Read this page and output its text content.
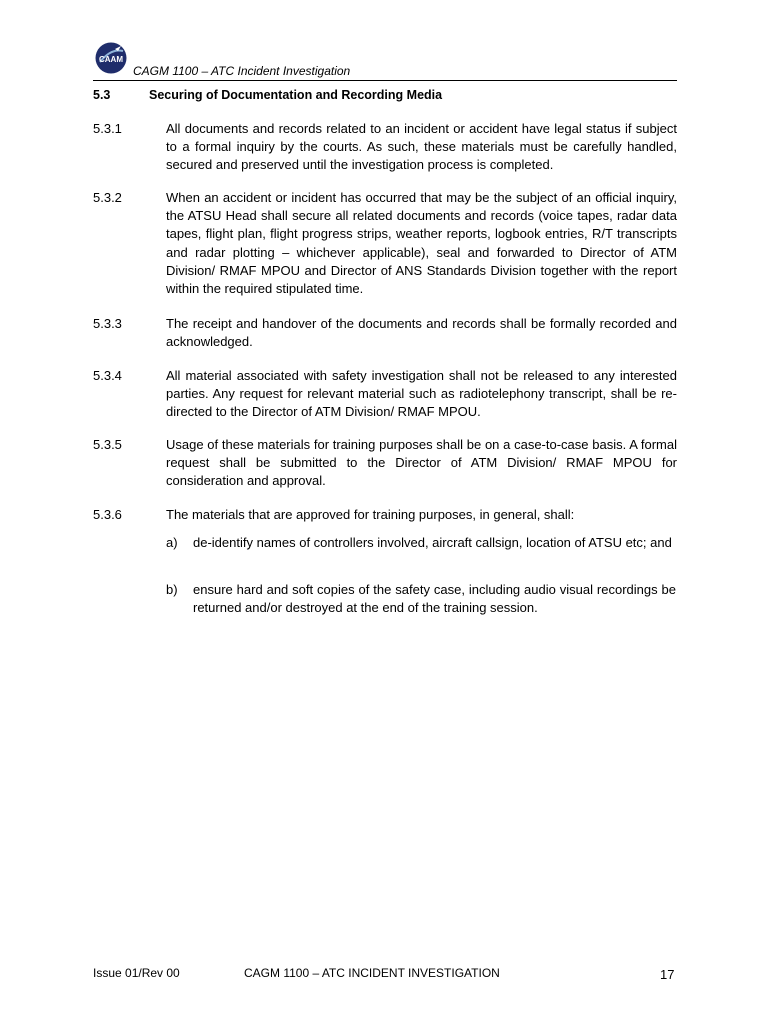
CAAM
CAGM 1100 – ATC Incident Investigation
5.3	Securing of Documentation and Recording Media
5.3.1	All documents and records related to an incident or accident have legal status if subject to a formal inquiry by the courts. As such, these materials must be carefully handled, secured and preserved until the investigation process is completed.
5.3.2	When an accident or incident has occurred that may be the subject of an official inquiry, the ATSU Head shall secure all related documents and records (voice tapes, radar data tapes, flight plan, flight progress strips, weather reports, logbook entries, R/T transcripts and radar plotting – whichever applicable), seal and forwarded to Director of ATM Division/ RMAF MPOU and Director of ANS Standards Division together with the report within the required stipulated time.
5.3.3	The receipt and handover of the documents and records shall be formally recorded and acknowledged.
5.3.4	All material associated with safety investigation shall not be released to any interested parties. Any request for relevant material such as radiotelephony transcript, shall be re-directed to the Director of ATM Division/ RMAF MPOU.
5.3.5	Usage of these materials for training purposes shall be on a case-to-case basis. A formal request shall be submitted to the Director of ATM Division/ RMAF MPOU for consideration and approval.
5.3.6	The materials that are approved for training purposes, in general, shall:
a) de-identify names of controllers involved, aircraft callsign, location of ATSU etc; and
b) ensure hard and soft copies of the safety case, including audio visual recordings be returned and/or destroyed at the end of the training session.
Issue 01/Rev 00	CAGM 1100 – ATC INCIDENT INVESTIGATION	17
